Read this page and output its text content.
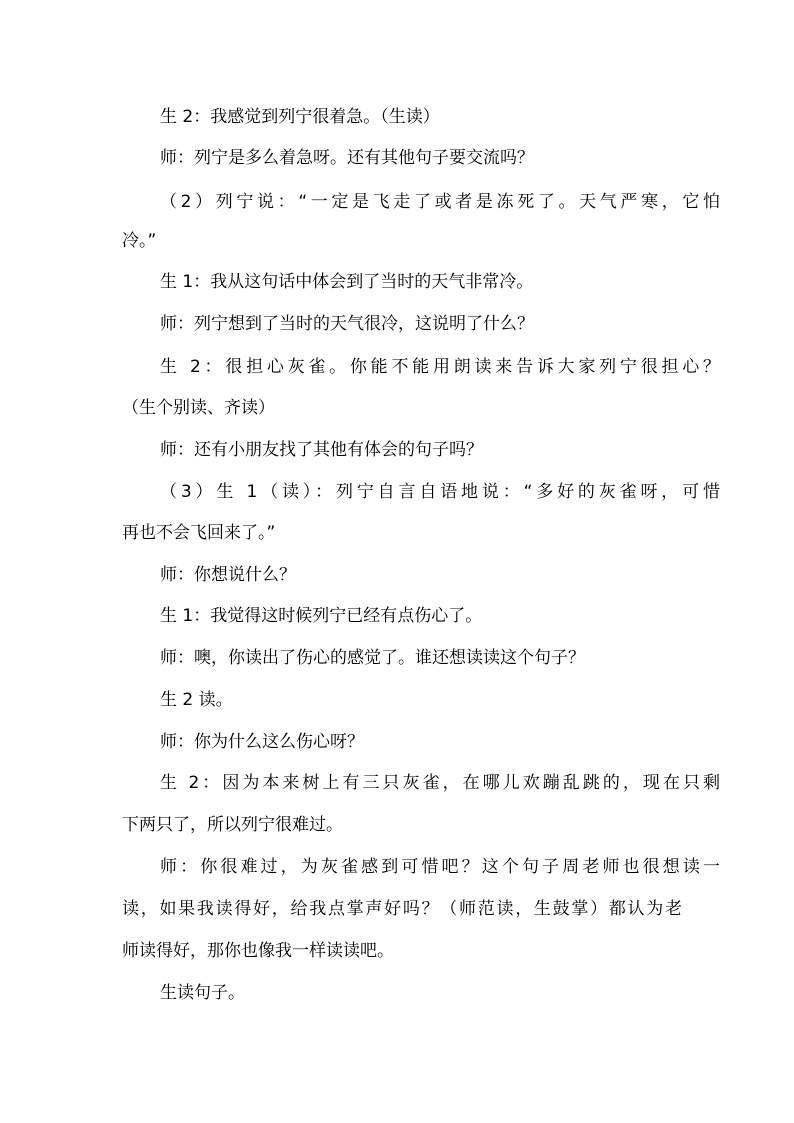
生 2：我感觉到列宁很着急。（生读）
师：列宁是多么着急呀。还有其他句子要交流吗？
（2）列宁说：“一定是飞走了或者是冻死了。天气严寒，它怕
冷。”
生 1：我从这句话中体会到了当时的天气非常冷。
师：列宁想到了当时的天气很冷，这说明了什么？
生 2：很担心灰雀。你能不能用朗读来告诉大家列宁很担心？
（生个别读、齐读）
师：还有小朋友找了其他有体会的句子吗？
（3）生 1（读）：列宁自言自语地说：“多好的灰雀呀，可惜
再也不会飞回来了。”
师：你想说什么？
生 1：我觉得这时候列宁已经有点伤心了。
师：噢，你读出了伤心的感觉了。谁还想读读这个句子？
生 2 读。
师：你为什么这么伤心呀？
生 2：因为本来树上有三只灰雀，在哪儿欢蹦乱跳的，现在只剩
下两只了，所以列宁很难过。
师：你很难过，为灰雀感到可惜吧？这个句子周老师也很想读一
读，如果我读得好，给我点掌声好吗？（师范读，生鼓掌）都认为老
师读得好，那你也像我一样读读吧。
生读句子。
